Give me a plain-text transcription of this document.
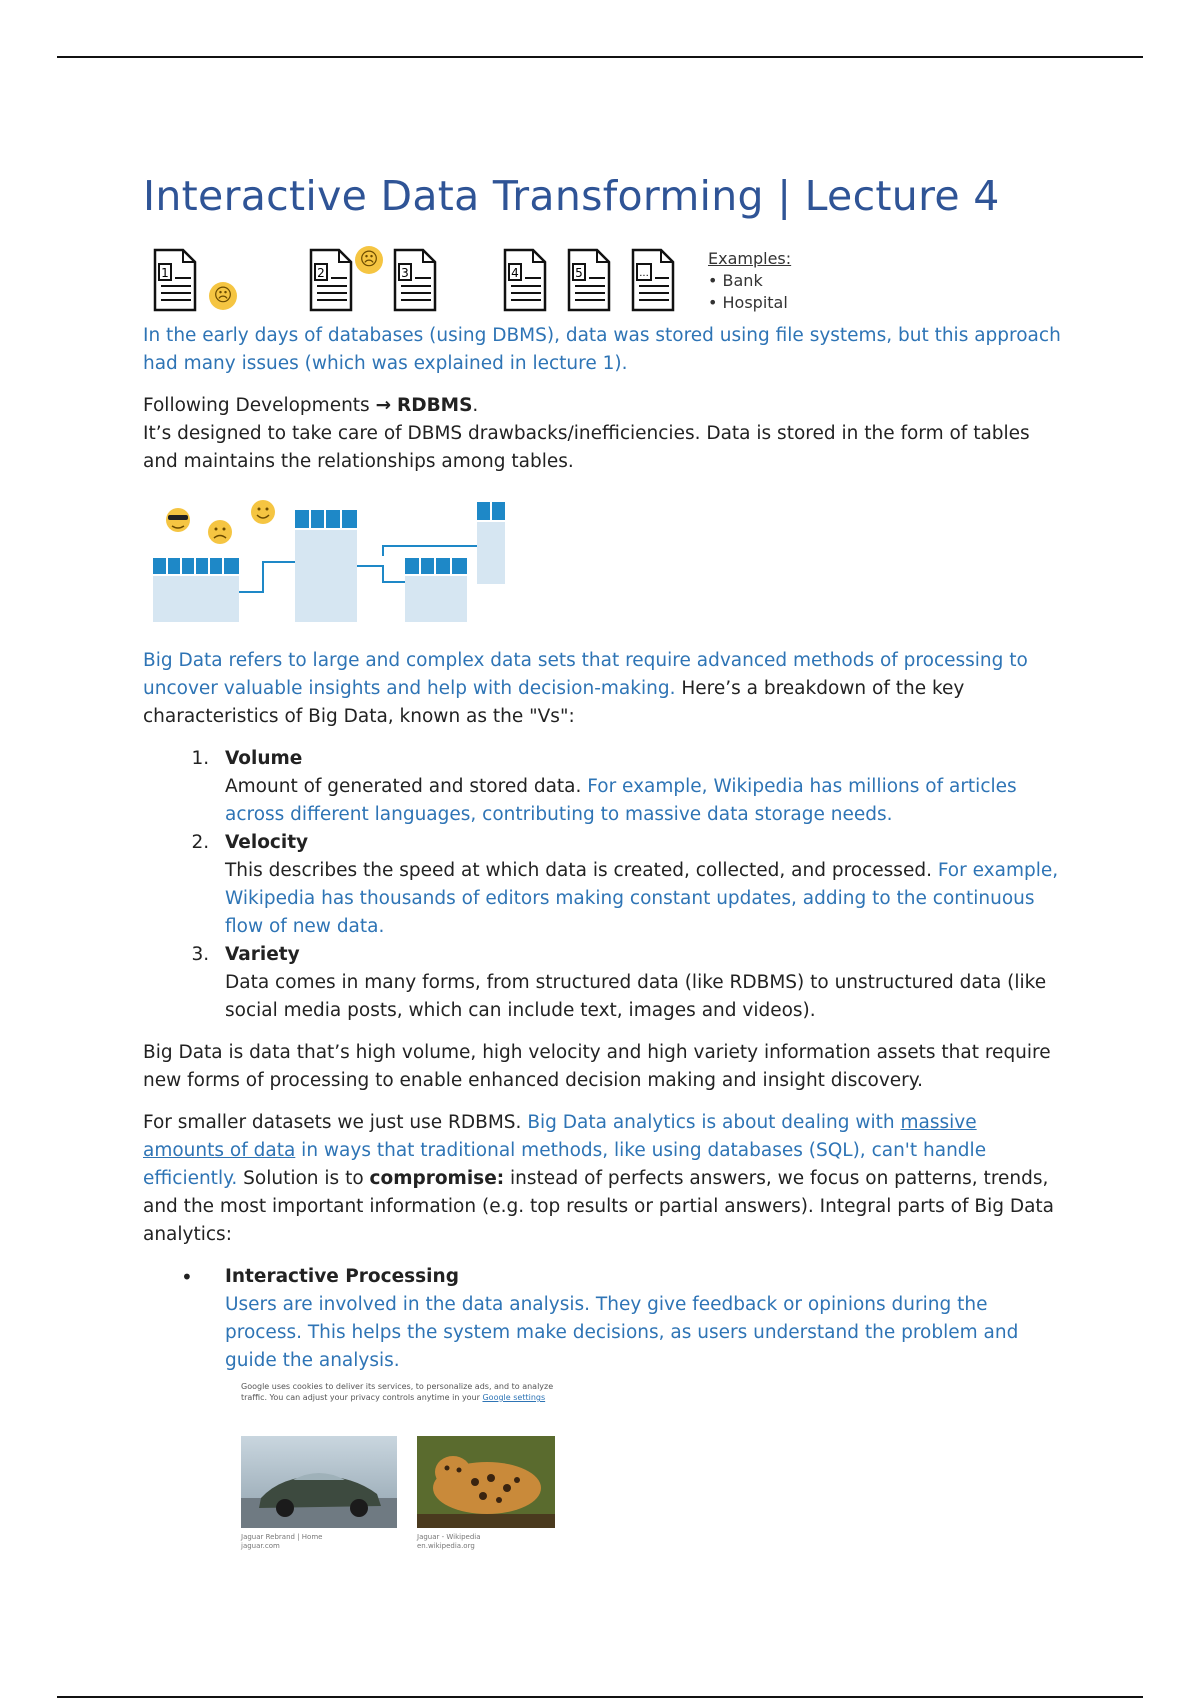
Interactive Data Transforming | Lecture 4
1
☹
2
☹
3	4	5	...
Examples:
• Bank
• Hospital

In the early days of databases (using DBMS), data was stored using file systems, but this approach had many issues (which was explained in lecture 1).

Following Developments → RDBMS.
It’s designed to take care of DBMS drawbacks/inefficiencies. Data is stored in the form of tables and maintains the relationships among tables.

Big Data refers to large and complex data sets that require advanced methods of processing to uncover valuable insights and help with decision-making. Here’s a breakdown of the key characteristics of Big Data, known as the "Vs":

1. Volume
Amount of generated and stored data. For example, Wikipedia has millions of articles across different languages, contributing to massive data storage needs.
2. Velocity
This describes the speed at which data is created, collected, and processed. For example, Wikipedia has thousands of editors making constant updates, adding to the continuous flow of new data.
3. Variety
Data comes in many forms, from structured data (like RDBMS) to unstructured data (like social media posts, which can include text, images and videos).

Big Data is data that’s high volume, high velocity and high variety information assets that require new forms of processing to enable enhanced decision making and insight discovery.

For smaller datasets we just use RDBMS. Big Data analytics is about dealing with massive amounts of data in ways that traditional methods, like using databases (SQL), can't handle efficiently. Solution is to compromise: instead of perfects answers, we focus on patterns, trends, and the most important information (e.g. top results or partial answers). Integral parts of Big Data analytics:

• Interactive Processing
Users are involved in the data analysis. They give feedback or opinions during the process. This helps the system make decisions, as users understand the problem and guide the analysis.
Google uses cookies to deliver its services, to personalize ads, and to analyze traffic. You can adjust your privacy controls anytime in your Google settings
Jaguar Rebrand | Home
jaguar.com
Jaguar - Wikipedia
en.wikipedia.org
